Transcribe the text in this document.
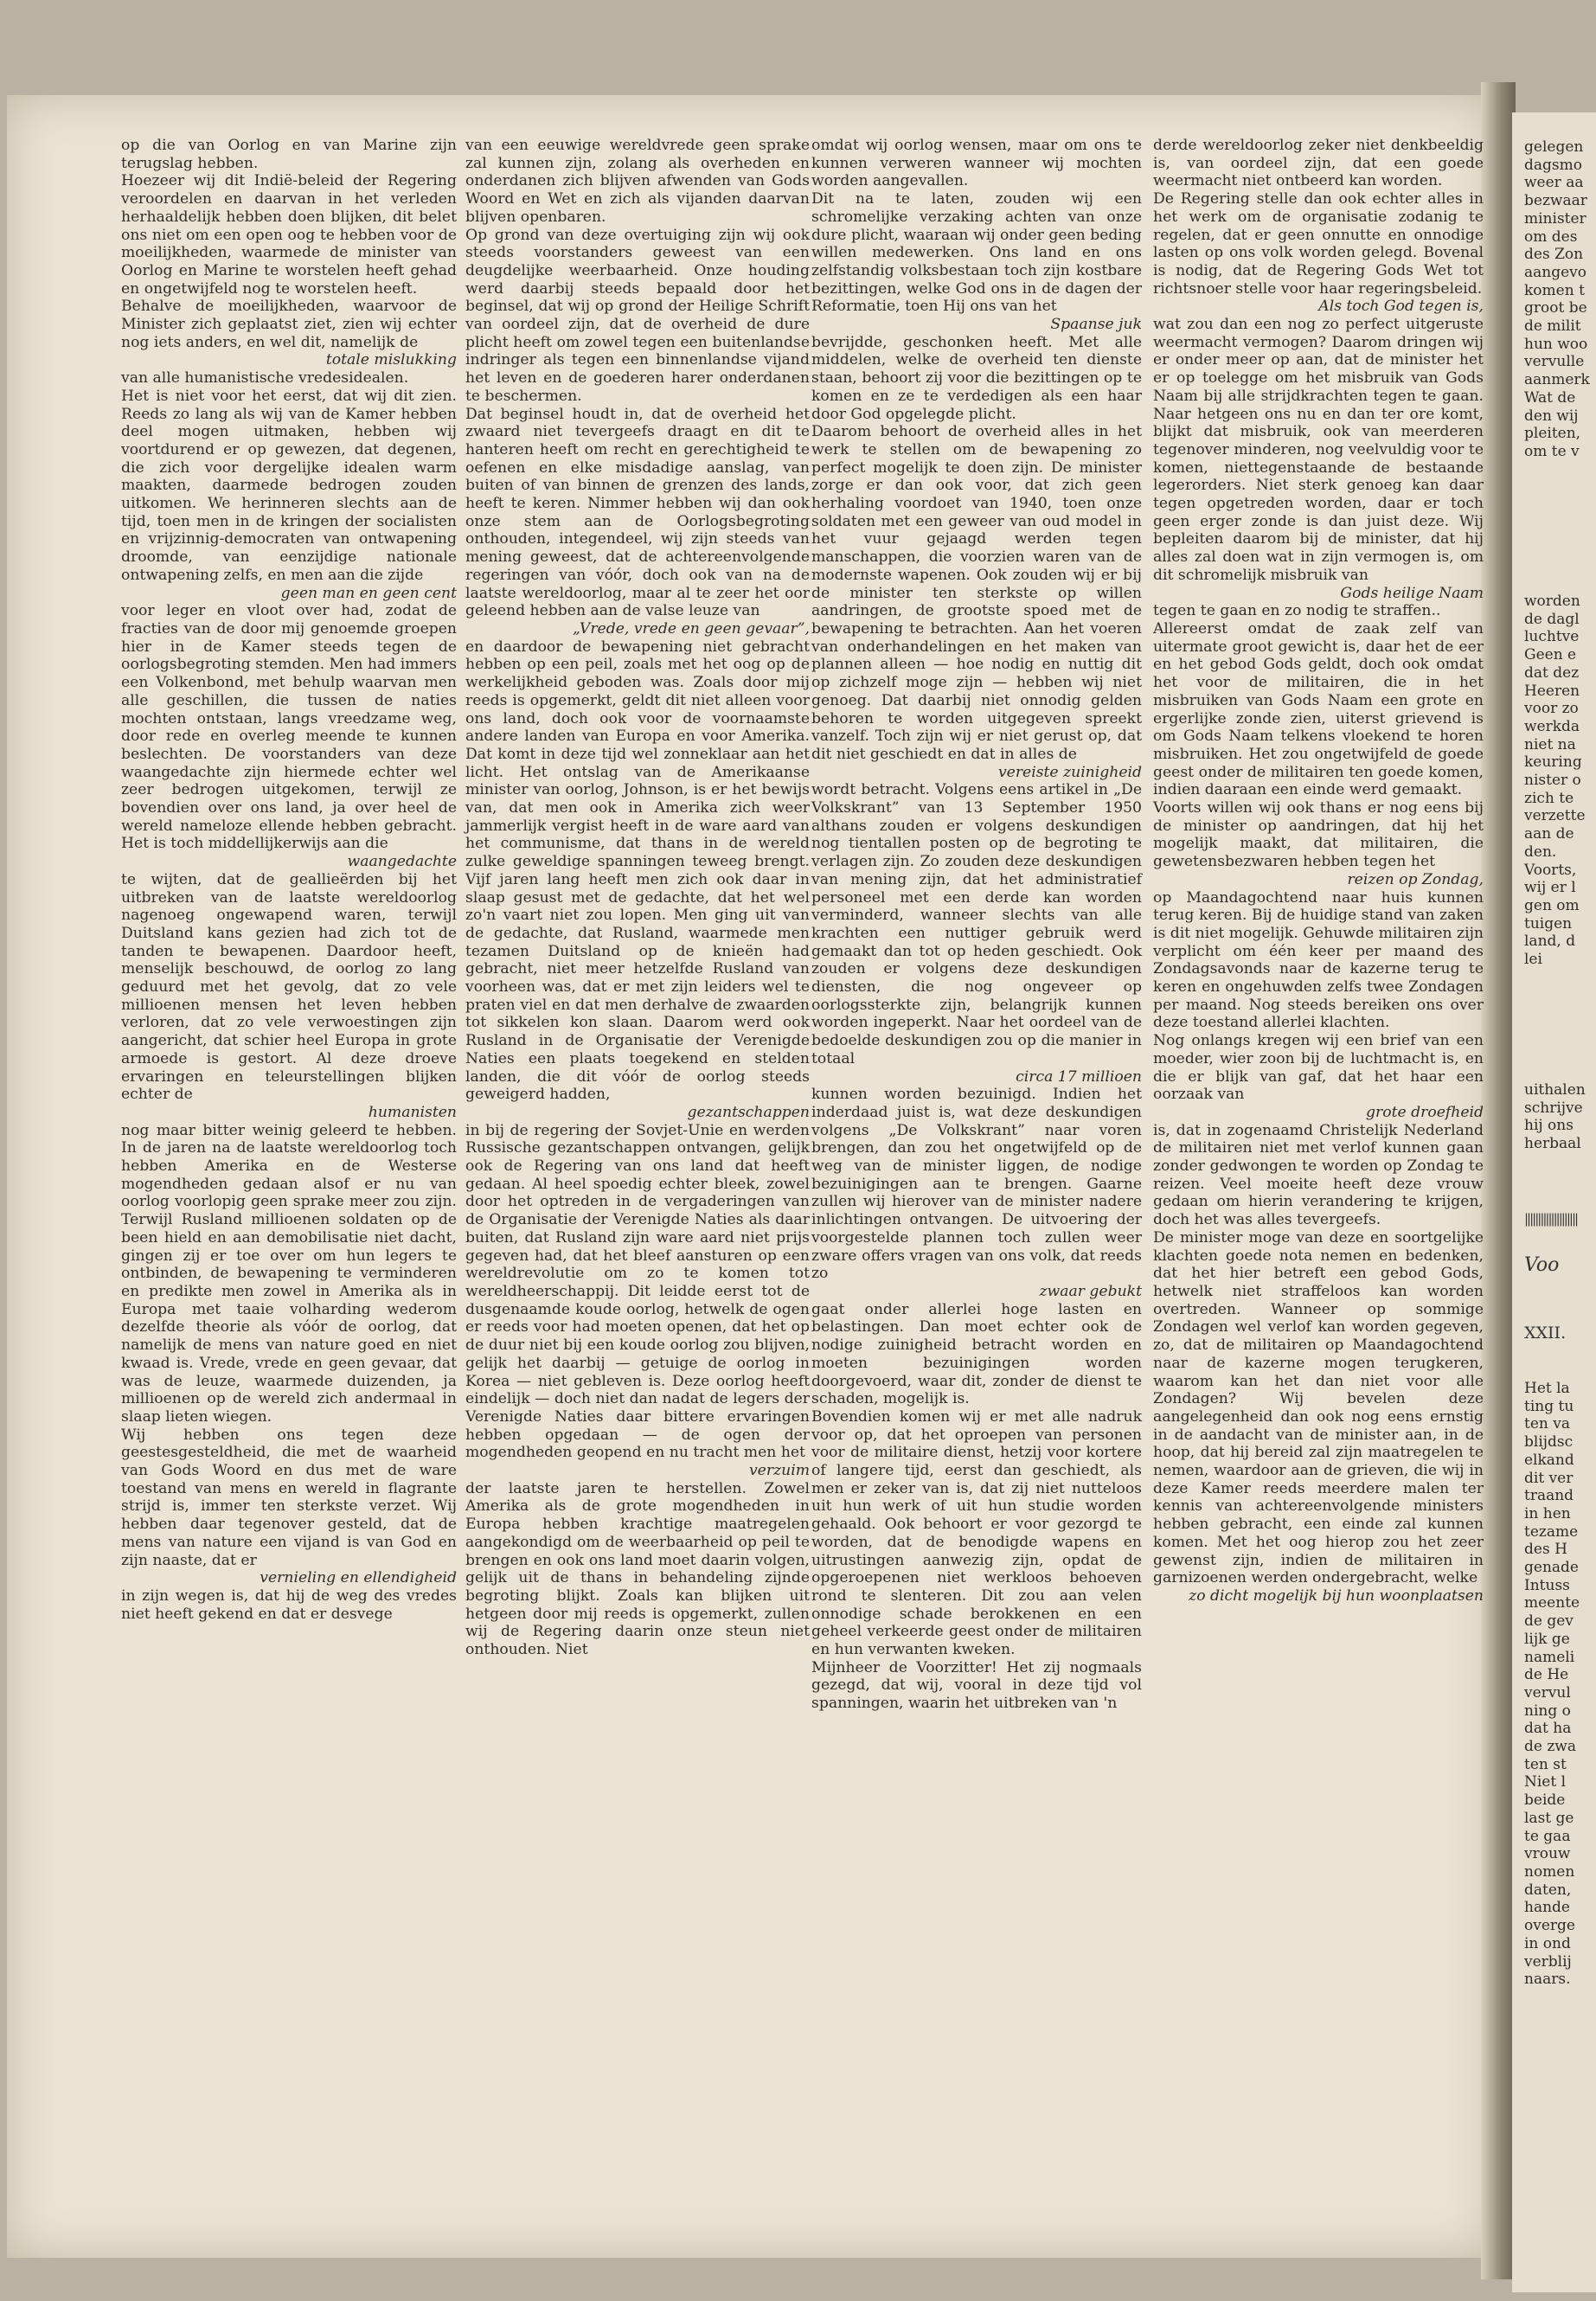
gelegen
dagsmo
weer aa
bezwaar
minister
om des
des Zon
aangevo
komen t
groot be
de milit
hun woo
vervulle
aanmerk
Wat de
den wij
pleiten,
om te v
worden
de dagl
luchtve
Geen e
dat dez
Heeren
voor zo
werkda
niet na
keuring
nister o
zich te
verzette
aan de
den.
Voorts,
wij er l
gen om
tuigen
land, d
lei
uithalen
schrijve
hij ons
herbaal
||||||||||||||||||||
Voo
XXII.
Het la
ting tu
ten va
blijdsc
elkand
dit ver
traand
in hen
tezame
des H
genade
Intuss
meente
de gev
lijk ge
nameli
de He
vervul
ning o
dat ha
de zwa
ten st
Niet l
beide
last ge
te gaa
vrouw
nomen
daten,
hande
overge
in ond
verblij
naars.

op die van Oorlog en van Marine zijn terugslag hebben.

Hoezeer wij dit Indië-beleid der Regering veroordelen en daarvan in het verleden herhaaldelijk hebben doen blijken, dit belet ons niet om een open oog te hebben voor de moeilijkheden, waarmede de minister van Oorlog en Marine te worstelen heeft gehad en ongetwijfeld nog te worstelen heeft.

Behalve de moeilijkheden, waarvoor de Minister zich geplaatst ziet, zien wij echter nog iets anders, en wel dit, namelijk de

totale mislukking

van alle humanistische vredesidealen.

Het is niet voor het eerst, dat wij dit zien. Reeds zo lang als wij van de Kamer hebben deel mogen uitmaken, hebben wij voortdurend er op gewezen, dat degenen, die zich voor dergelijke idealen warm maakten, daarmede bedrogen zouden uitkomen. We herinneren slechts aan de tijd, toen men in de kringen der socialisten en vrijzinnig-democraten van ontwapening droomde, van eenzijdige nationale ontwapening zelfs, en men aan die zijde

geen man en geen cent

voor leger en vloot over had, zodat de fracties van de door mij genoemde groepen hier in de Kamer steeds tegen de oorlogsbegroting stemden. Men had immers een Volkenbond, met behulp waarvan men alle geschillen, die tussen de naties mochten ontstaan, langs vreedzame weg, door rede en overleg meende te kunnen beslechten. De voorstanders van deze waangedachte zijn hiermede echter wel zeer bedrogen uitgekomen, terwijl ze bovendien over ons land, ja over heel de wereld nameloze ellende hebben gebracht. Het is toch middellijkerwijs aan die

waangedachte

te wijten, dat de geallieërden bij het uitbreken van de laatste wereldoorlog nagenoeg ongewapend waren, terwijl Duitsland kans gezien had zich tot de tanden te bewapenen. Daardoor heeft, menselijk beschouwd, de oorlog zo lang geduurd met het gevolg, dat zo vele millioenen mensen het leven hebben verloren, dat zo vele verwoestingen zijn aangericht, dat schier heel Europa in grote armoede is gestort. Al deze droeve ervaringen en teleurstellingen blijken echter de

humanisten

nog maar bitter weinig geleerd te hebben. In de jaren na de laatste wereldoorlog toch hebben Amerika en de Westerse mogendheden gedaan alsof er nu van oorlog voorlopig geen sprake meer zou zijn. Terwijl Rusland millioenen soldaten op de been hield en aan demobilisatie niet dacht, gingen zij er toe over om hun legers te ontbinden, de bewapening te verminderen en predikte men zowel in Amerika als in Europa met taaie volharding wederom dezelfde theorie als vóór de oorlog, dat namelijk de mens van nature goed en niet kwaad is. Vrede, vrede en geen gevaar, dat was de leuze, waarmede duizenden, ja millioenen op de wereld zich andermaal in slaap lieten wiegen.

Wij hebben ons tegen deze geestesgesteldheid, die met de waarheid van Gods Woord en dus met de ware toestand van mens en wereld in flagrante strijd is, immer ten sterkste verzet. Wij hebben daar tegenover gesteld, dat de mens van nature een vijand is van God en zijn naaste, dat er

vernieling en ellendigheid

in zijn wegen is, dat hij de weg des vredes niet heeft gekend en dat er desvege

van een eeuwige wereldvrede geen sprake zal kunnen zijn, zolang als overheden en onderdanen zich blijven afwenden van Gods Woord en Wet en zich als vijanden daarvan blijven openbaren.

Op grond van deze overtuiging zijn wij ook steeds voorstanders geweest van een deugdelijke weerbaarheid. Onze houding werd daarbij steeds bepaald door het beginsel, dat wij op grond der Heilige Schrift van oordeel zijn, dat de overheid de dure plicht heeft om zowel tegen een buitenlandse indringer als tegen een binnenlandse vijand het leven en de goederen harer onderdanen te beschermen.

Dat beginsel houdt in, dat de overheid het zwaard niet tevergeefs draagt en dit te hanteren heeft om recht en gerechtigheid te oefenen en elke misdadige aanslag, van buiten of van binnen de grenzen des lands, heeft te keren. Nimmer hebben wij dan ook onze stem aan de Oorlogsbegroting onthouden, integendeel, wij zijn steeds van mening geweest, dat de achtereenvolgende regeringen van vóór, doch ook van na de laatste wereldoorlog, maar al te zeer het oor geleend hebben aan de valse leuze van

„Vrede, vrede en geen gevaar”,

en daardoor de bewapening niet gebracht hebben op een peil, zoals met het oog op de werkelijkheid geboden was. Zoals door mij reeds is opgemerkt, geldt dit niet alleen voor ons land, doch ook voor de voornaamste andere landen van Europa en voor Amerika. Dat komt in deze tijd wel zonneklaar aan het licht. Het ontslag van de Amerikaanse minister van oorlog, Johnson, is er het bewijs van, dat men ook in Amerika zich weer jammerlijk vergist heeft in de ware aard van het communisme, dat thans in de wereld zulke geweldige spanningen teweeg brengt. Vijf jaren lang heeft men zich ook daar in slaap gesust met de gedachte, dat het wel zo'n vaart niet zou lopen. Men ging uit van de gedachte, dat Rusland, waarmede men tezamen Duitsland op de knieën had gebracht, niet meer hetzelfde Rusland van voorheen was, dat er met zijn leiders wel te praten viel en dat men derhalve de zwaarden tot sikkelen kon slaan. Daarom werd ook Rusland in de Organisatie der Verenigde Naties een plaats toegekend en stelden landen, die dit vóór de oorlog steeds geweigerd hadden,

gezantschappen

in bij de regering der Sovjet-Unie en werden Russische gezantschappen ontvangen, gelijk ook de Regering van ons land dat heeft gedaan. Al heel spoedig echter bleek, zowel door het optreden in de vergaderingen van de Organisatie der Verenigde Naties als daar buiten, dat Rusland zijn ware aard niet prijs gegeven had, dat het bleef aansturen op een wereldrevolutie om zo te komen tot wereldheerschappij. Dit leidde eerst tot de dusgenaamde koude oorlog, hetwelk de ogen er reeds voor had moeten openen, dat het op de duur niet bij een koude oorlog zou blijven, gelijk het daarbij — getuige de oorlog in Korea — niet gebleven is. Deze oorlog heeft eindelijk — doch niet dan nadat de legers der Verenigde Naties daar bittere ervaringen hebben opgedaan — de ogen der mogendheden geopend en nu tracht men het

verzuim

der laatste jaren te herstellen. Zowel Amerika als de grote mogendheden in Europa hebben krachtige maatregelen aangekondigd om de weerbaarheid op peil te brengen en ook ons land moet daarin volgen, gelijk uit de thans in behandeling zijnde begroting blijkt. Zoals kan blijken uit hetgeen door mij reeds is opgemerkt, zullen wij de Regering daarin onze steun niet onthouden. Niet

omdat wij oorlog wensen, maar om ons te kunnen verweren wanneer wij mochten worden aangevallen.

Dit na te laten, zouden wij een schromelijke verzaking achten van onze dure plicht, waaraan wij onder geen beding willen medewerken. Ons land en ons zelfstandig volksbestaan toch zijn kostbare bezittingen, welke God ons in de dagen der Reformatie, toen Hij ons van het

Spaanse juk

bevrijdde, geschonken heeft. Met alle middelen, welke de overheid ten dienste staan, behoort zij voor die bezittingen op te komen en ze te verdedigen als een haar door God opgelegde plicht.

Daarom behoort de overheid alles in het werk te stellen om de bewapening zo perfect mogelijk te doen zijn. De minister zorge er dan ook voor, dat zich geen herhaling voordoet van 1940, toen onze soldaten met een geweer van oud model in het vuur gejaagd werden tegen manschappen, die voorzien waren van de modernste wapenen. Ook zouden wij er bij de minister ten sterkste op willen aandringen, de grootste spoed met de bewapening te betrachten. Aan het voeren van onderhandelingen en het maken van plannen alleen — hoe nodig en nuttig dit op zichzelf moge zijn — hebben wij niet genoeg. Dat daarbij niet onnodig gelden behoren te worden uitgegeven spreekt vanzelf. Toch zijn wij er niet gerust op, dat dit niet geschiedt en dat in alles de

vereiste zuinigheid

wordt betracht. Volgens eens artikel in „De Volkskrant” van 13 September 1950 althans zouden er volgens deskundigen nog tientallen posten op de begroting te verlagen zijn. Zo zouden deze deskundigen van mening zijn, dat het administratief personeel met een derde kan worden verminderd, wanneer slechts van alle krachten een nuttiger gebruik werd gemaakt dan tot op heden geschiedt. Ook zouden er volgens deze deskundigen diensten, die nog ongeveer op oorlogssterkte zijn, belangrijk kunnen worden ingeperkt. Naar het oordeel van de bedoelde deskundigen zou op die manier in totaal

circa 17 millioen

kunnen worden bezuinigd. Indien het inderdaad juist is, wat deze deskundigen volgens „De Volkskrant” naar voren brengen, dan zou het ongetwijfeld op de weg van de minister liggen, de nodige bezuinigingen aan te brengen. Gaarne zullen wij hierover van de minister nadere inlichtingen ontvangen. De uitvoering der voorgestelde plannen toch zullen weer zware offers vragen van ons volk, dat reeds zo

zwaar gebukt

gaat onder allerlei hoge lasten en belastingen. Dan moet echter ook de nodige zuinigheid betracht worden en moeten bezuinigingen worden doorgevoerd, waar dit, zonder de dienst te schaden, mogelijk is.

Bovendien komen wij er met alle nadruk voor op, dat het oproepen van personen voor de militaire dienst, hetzij voor kortere of langere tijd, eerst dan geschiedt, als men er zeker van is, dat zij niet nutteloos uit hun werk of uit hun studie worden gehaald. Ook behoort er voor gezorgd te worden, dat de benodigde wapens en uitrustingen aanwezig zijn, opdat de opgeroepenen niet werkloos behoeven rond te slenteren. Dit zou aan velen onnodige schade berokkenen en een geheel verkeerde geest onder de militairen en hun verwanten kweken.

Mijnheer de Voorzitter! Het zij nogmaals gezegd, dat wij, vooral in deze tijd vol spanningen, waarin het uitbreken van 'n

derde wereldoorlog zeker niet denkbeeldig is, van oordeel zijn, dat een goede weermacht niet ontbeerd kan worden.

De Regering stelle dan ook echter alles in het werk om de organisatie zodanig te regelen, dat er geen onnutte en onnodige lasten op ons volk worden gelegd. Bovenal is nodig, dat de Regering Gods Wet tot richtsnoer stelle voor haar regeringsbeleid.

Als toch God tegen is,

wat zou dan een nog zo perfect uitgeruste weermacht vermogen? Daarom dringen wij er onder meer op aan, dat de minister het er op toelegge om het misbruik van Gods Naam bij alle strijdkrachten tegen te gaan. Naar hetgeen ons nu en dan ter ore komt, blijkt dat misbruik, ook van meerderen tegenover minderen, nog veelvuldig voor te komen, niettegenstaande de bestaande legerorders. Niet sterk genoeg kan daar tegen opgetreden worden, daar er toch geen erger zonde is dan juist deze. Wij bepleiten daarom bij de minister, dat hij alles zal doen wat in zijn vermogen is, om dit schromelijk misbruik van

Gods heilige Naam

tegen te gaan en zo nodig te straffen..

Allereerst omdat de zaak zelf van uitermate groot gewicht is, daar het de eer en het gebod Gods geldt, doch ook omdat het voor de militairen, die in het misbruiken van Gods Naam een grote en ergerlijke zonde zien, uiterst grievend is om Gods Naam telkens vloekend te horen misbruiken. Het zou ongetwijfeld de goede geest onder de militairen ten goede komen, indien daaraan een einde werd gemaakt.

Voorts willen wij ook thans er nog eens bij de minister op aandringen, dat hij het mogelijk maakt, dat militairen, die gewetensbezwaren hebben tegen het

reizen op Zondag,

op Maandagochtend naar huis kunnen terug keren. Bij de huidige stand van zaken is dit niet mogelijk. Gehuwde militairen zijn verplicht om één keer per maand des Zondagsavonds naar de kazerne terug te keren en ongehuwden zelfs twee Zondagen per maand. Nog steeds bereiken ons over deze toestand allerlei klachten.

Nog onlangs kregen wij een brief van een moeder, wier zoon bij de luchtmacht is, en die er blijk van gaf, dat het haar een oorzaak van

grote droefheid

is, dat in zogenaamd Christelijk Nederland de militairen niet met verlof kunnen gaan zonder gedwongen te worden op Zondag te reizen. Veel moeite heeft deze vrouw gedaan om hierin verandering te krijgen, doch het was alles tevergeefs.

De minister moge van deze en soortgelijke klachten goede nota nemen en bedenken, dat het hier betreft een gebod Gods, hetwelk niet straffeloos kan worden overtreden. Wanneer op sommige Zondagen wel verlof kan worden gegeven, zo, dat de militairen op Maandagochtend naar de kazerne mogen terugkeren, waarom kan het dan niet voor alle Zondagen? Wij bevelen deze aangelegenheid dan ook nog eens ernstig in de aandacht van de minister aan, in de hoop, dat hij bereid zal zijn maatregelen te nemen, waardoor aan de grieven, die wij in deze Kamer reeds meerdere malen ter kennis van achtereenvolgende ministers hebben gebracht, een einde zal kunnen komen. Met het oog hierop zou het zeer gewenst zijn, indien de militairen in garnizoenen werden ondergebracht, welke

zo dicht mogelijk bij hun woonplaatsen
